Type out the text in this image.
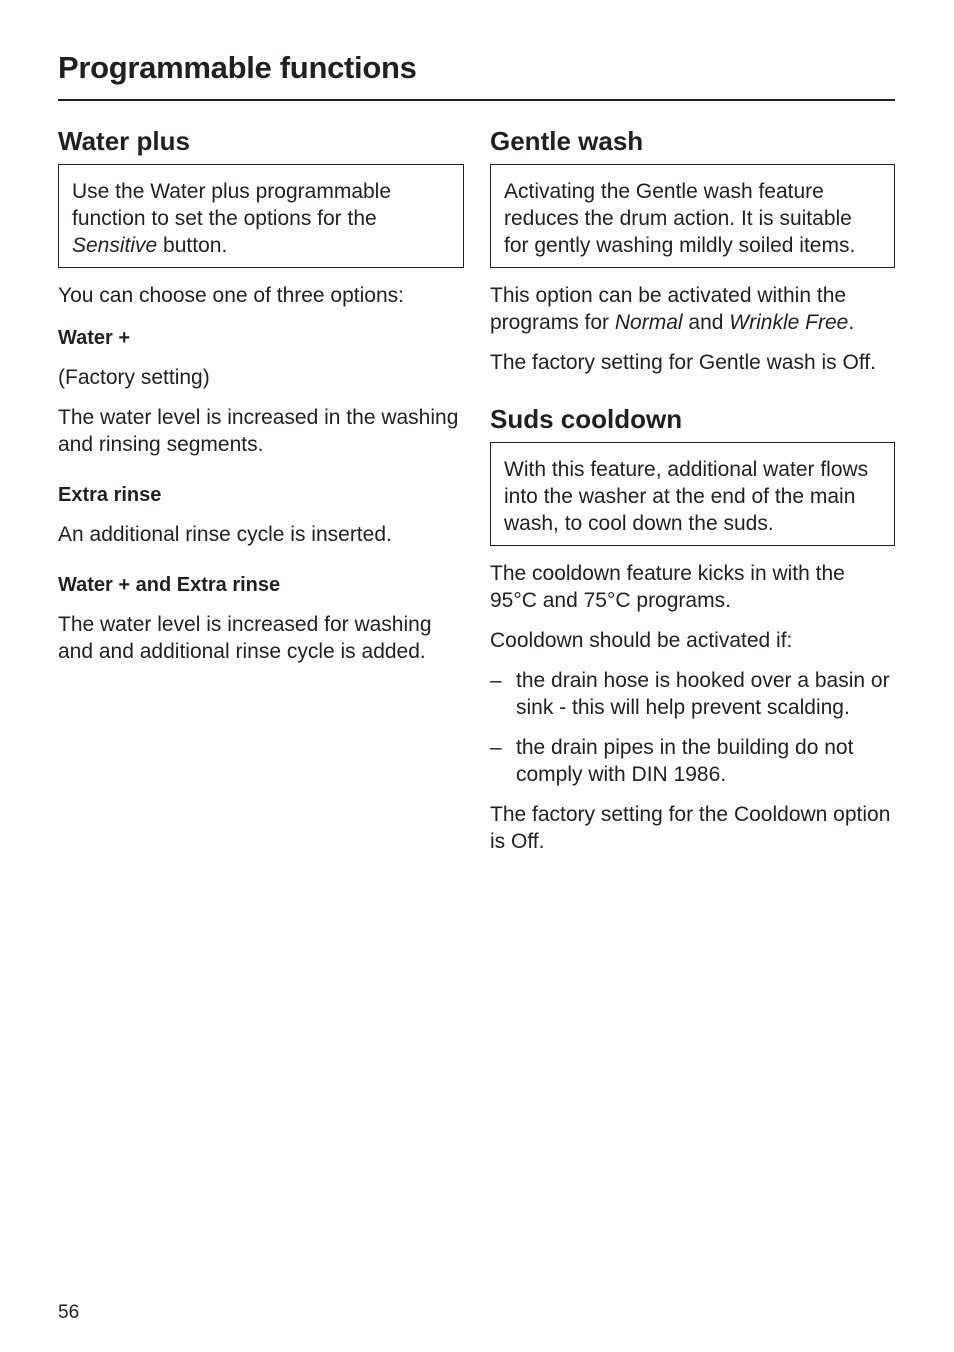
Programmable functions
Water plus
Use the Water plus programmable function to set the options for the Sensitive button.

You can choose one of three options:

Water +

(Factory setting)

The water level is increased in the washing and rinsing segments.

Extra rinse

An additional rinse cycle is inserted.

Water + and Extra rinse

The water level is increased for washing and and additional rinse cycle is added.

Gentle wash
Activating the Gentle wash feature reduces the drum action. It is suitable for gently washing mildly soiled items.

This option can be activated within the programs for Normal and Wrinkle Free.

The factory setting for Gentle wash is Off.

Suds cooldown
With this feature, additional water flows into the washer at the end of the main wash, to cool down the suds.

The cooldown feature kicks in with the 95°C and 75°C programs.

Cooldown should be activated if:

– the drain hose is hooked over a basin or sink - this will help prevent scalding.
– the drain pipes in the building do not comply with DIN 1986.

The factory setting for the Cooldown option is Off.

56
